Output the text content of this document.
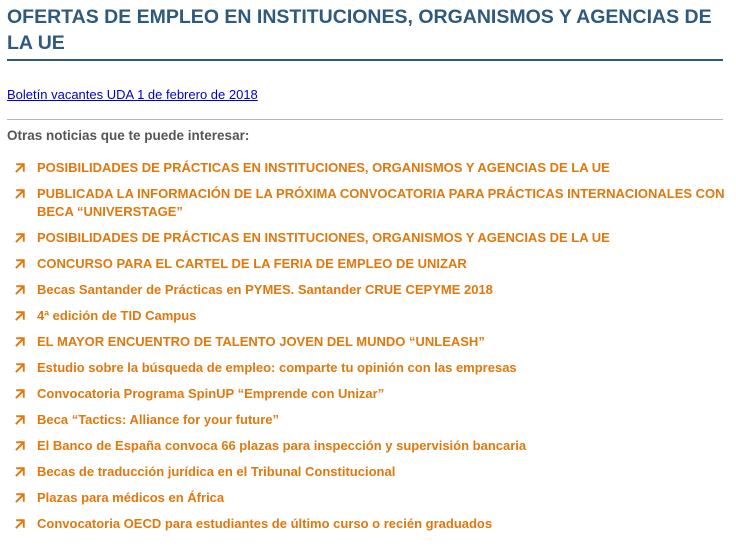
OFERTAS DE EMPLEO EN INSTITUCIONES, ORGANISMOS Y AGENCIAS DE LA UE
Boletín vacantes UDA 1 de febrero de 2018
Otras noticias que te puede interesar:
POSIBILIDADES DE PRÁCTICAS EN INSTITUCIONES, ORGANISMOS Y AGENCIAS DE LA UE
PUBLICADA LA INFORMACIÓN DE LA PRÓXIMA CONVOCATORIA PARA PRÁCTICAS INTERNACIONALES CON BECA “UNIVERSTAGE”
POSIBILIDADES DE PRÁCTICAS EN INSTITUCIONES, ORGANISMOS Y AGENCIAS DE LA UE
CONCURSO PARA EL CARTEL DE LA FERIA DE EMPLEO DE UNIZAR
Becas Santander de Prácticas en PYMES. Santander CRUE CEPYME 2018
4ª edición de TID Campus
EL MAYOR ENCUENTRO DE TALENTO JOVEN DEL MUNDO “UNLEASH”
Estudio sobre la búsqueda de empleo: comparte tu opinión con las empresas
Convocatoria Programa SpinUP “Emprende con Unizar”
Beca “Tactics: Alliance for your future”
El Banco de España convoca 66 plazas para inspección y supervisión bancaria
Becas de traducción jurídica en el Tribunal Constitucional
Plazas para médicos en África
Convocatoria OECD para estudiantes de último curso o recién graduados
